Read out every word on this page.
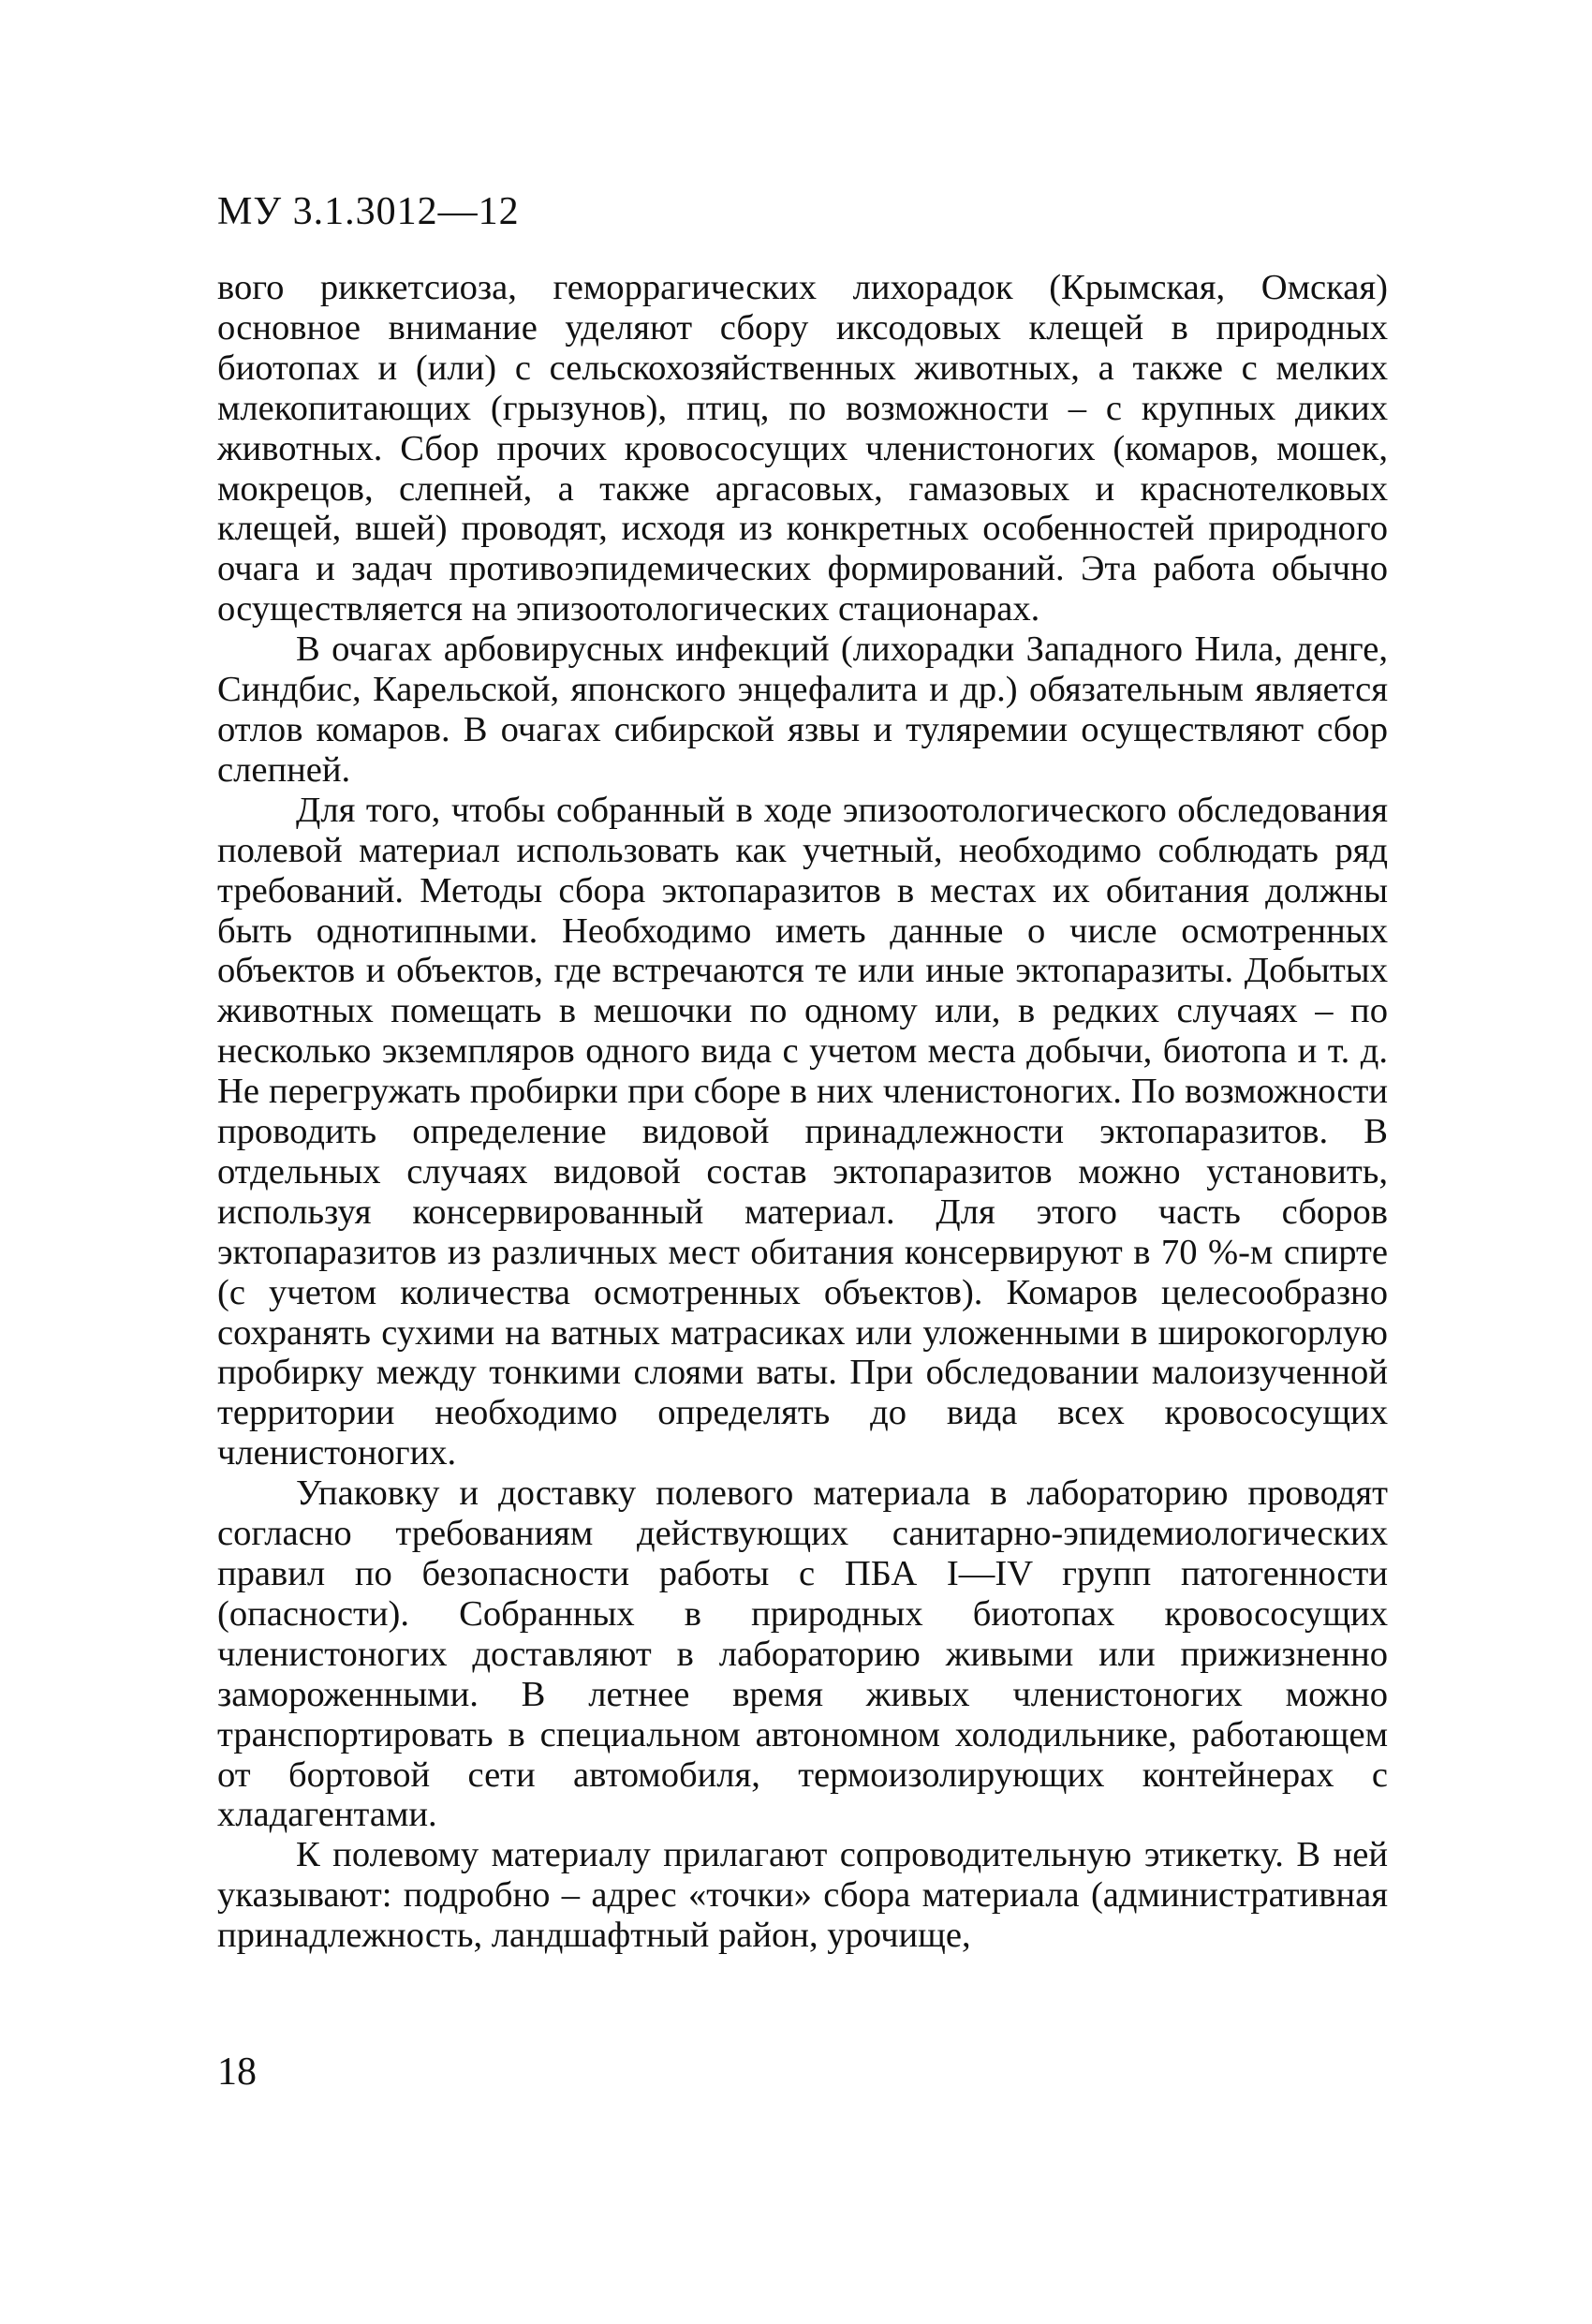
МУ 3.1.3012—12

вого риккетсиоза, геморрагических лихорадок (Крымская, Омская) основное внимание уделяют сбору иксодовых клещей в природных биотопах и (или) с сельскохозяйственных животных, а также с мелких млекопитающих (грызунов), птиц, по возможности – с крупных диких животных. Сбор прочих кровососущих членистоногих (комаров, мошек, мокрецов, слепней, а также аргасовых, гамазовых и краснотелковых клещей, вшей) проводят, исходя из конкретных особенностей природного очага и задач противоэпидемических формирований. Эта работа обычно осуществляется на эпизоотологических стационарах.

В очагах арбовирусных инфекций (лихорадки Западного Нила, денге, Синдбис, Карельской, японского энцефалита и др.) обязательным является отлов комаров. В очагах сибирской язвы и туляремии осуществляют сбор слепней.

Для того, чтобы собранный в ходе эпизоотологического обследования полевой материал использовать как учетный, необходимо соблюдать ряд требований. Методы сбора эктопаразитов в местах их обитания должны быть однотипными. Необходимо иметь данные о числе осмотренных объектов и объектов, где встречаются те или иные эктопаразиты. Добытых животных помещать в мешочки по одному или, в редких случаях – по несколько экземпляров одного вида с учетом места добычи, биотопа и т. д. Не перегружать пробирки при сборе в них членистоногих. По возможности проводить определение видовой принадлежности эктопаразитов. В отдельных случаях видовой состав эктопаразитов можно установить, используя консервированный материал. Для этого часть сборов эктопаразитов из различных мест обитания консервируют в 70 %-м спирте (с учетом количества осмотренных объектов). Комаров целесообразно сохранять сухими на ватных матрасиках или уложенными в широкогорлую пробирку между тонкими слоями ваты. При обследовании малоизученной территории необходимо определять до вида всех кровососущих членистоногих.

Упаковку и доставку полевого материала в лабораторию проводят согласно требованиям действующих санитарно-эпидемиологических правил по безопасности работы с ПБА I—IV групп патогенности (опасности). Собранных в природных биотопах кровососущих членистоногих доставляют в лабораторию живыми или прижизненно замороженными. В летнее время живых членистоногих можно транспортировать в специальном автономном холодильнике, работающем от бортовой сети автомобиля, термоизолирующих контейнерах с хладагентами.

К полевому материалу прилагают сопроводительную этикетку. В ней указывают: подробно – адрес «точки» сбора материала (административная принадлежность, ландшафтный район, урочище,

18
